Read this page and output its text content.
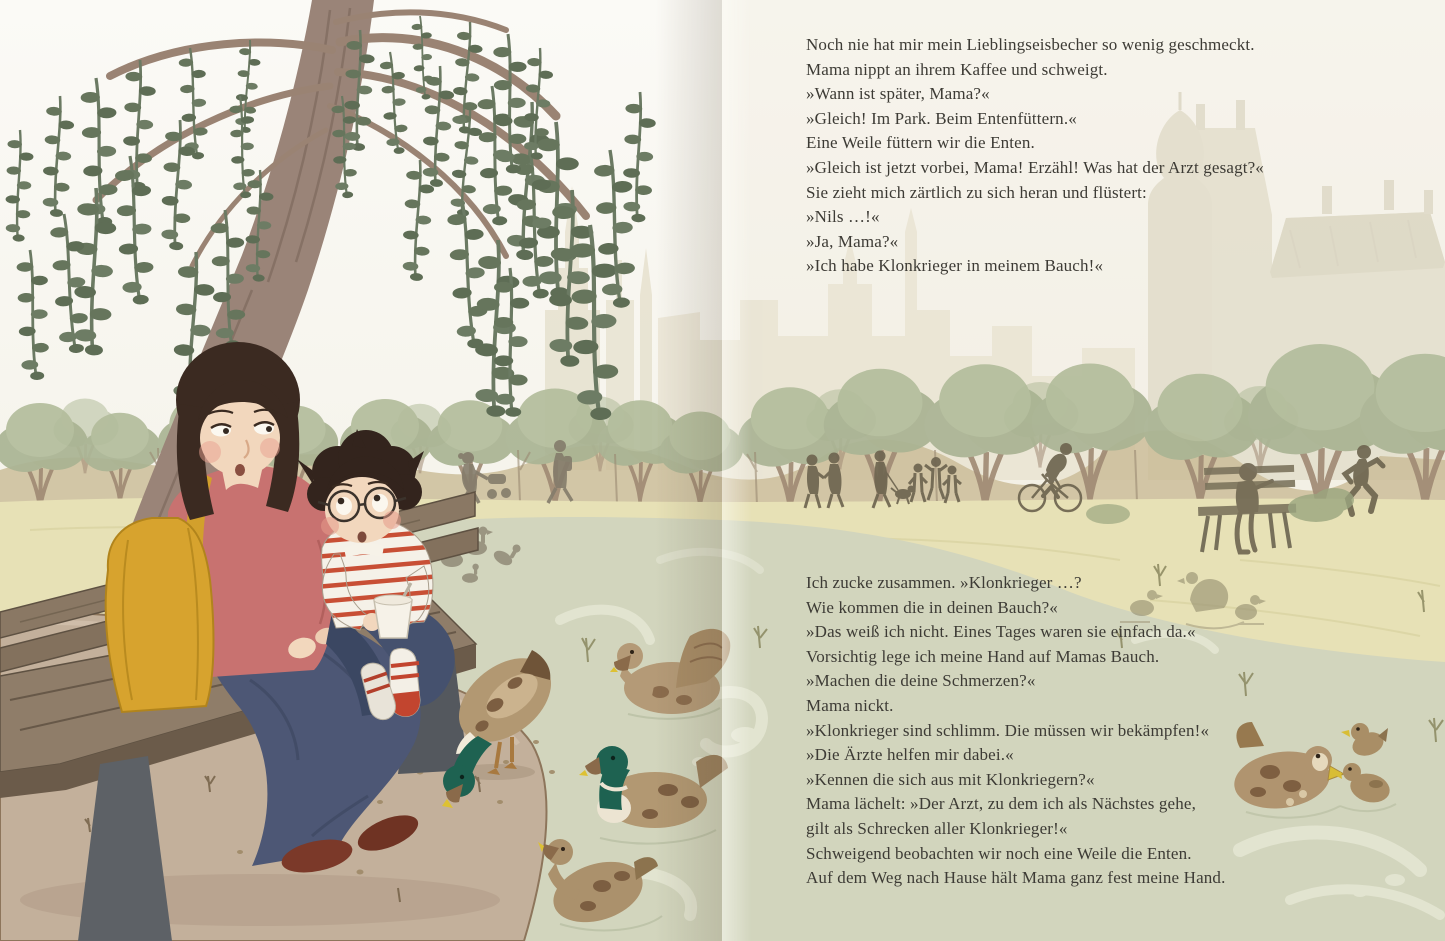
Noch nie hat mir mein Lieblingseisbecher so wenig geschmeckt.
Mama nippt an ihrem Kaffee und schweigt.
»Wann ist später, Mama?«
»Gleich! Im Park. Beim Entenfüttern.«
Eine Weile füttern wir die Enten.
»Gleich ist jetzt vorbei, Mama! Erzähl! Was hat der Arzt gesagt?«
Sie zieht mich zärtlich zu sich heran und flüstert:
»Nils …!«
»Ja, Mama?«
»Ich habe Klonkrieger in meinem Bauch!«
Ich zucke zusammen. »Klonkrieger …?
Wie kommen die in deinen Bauch?«
»Das weiß ich nicht. Eines Tages waren sie einfach da.«
Vorsichtig lege ich meine Hand auf Mamas Bauch.
»Machen die deine Schmerzen?«
Mama nickt.
»Klonkrieger sind schlimm. Die müssen wir bekämpfen!«
»Die Ärzte helfen mir dabei.«
»Kennen die sich aus mit Klonkriegern?«
Mama lächelt: »Der Arzt, zu dem ich als Nächstes gehe,
gilt als Schrecken aller Klonkrieger!«
Schweigend beobachten wir noch eine Weile die Enten.
Auf dem Weg nach Hause hält Mama ganz fest meine Hand.
